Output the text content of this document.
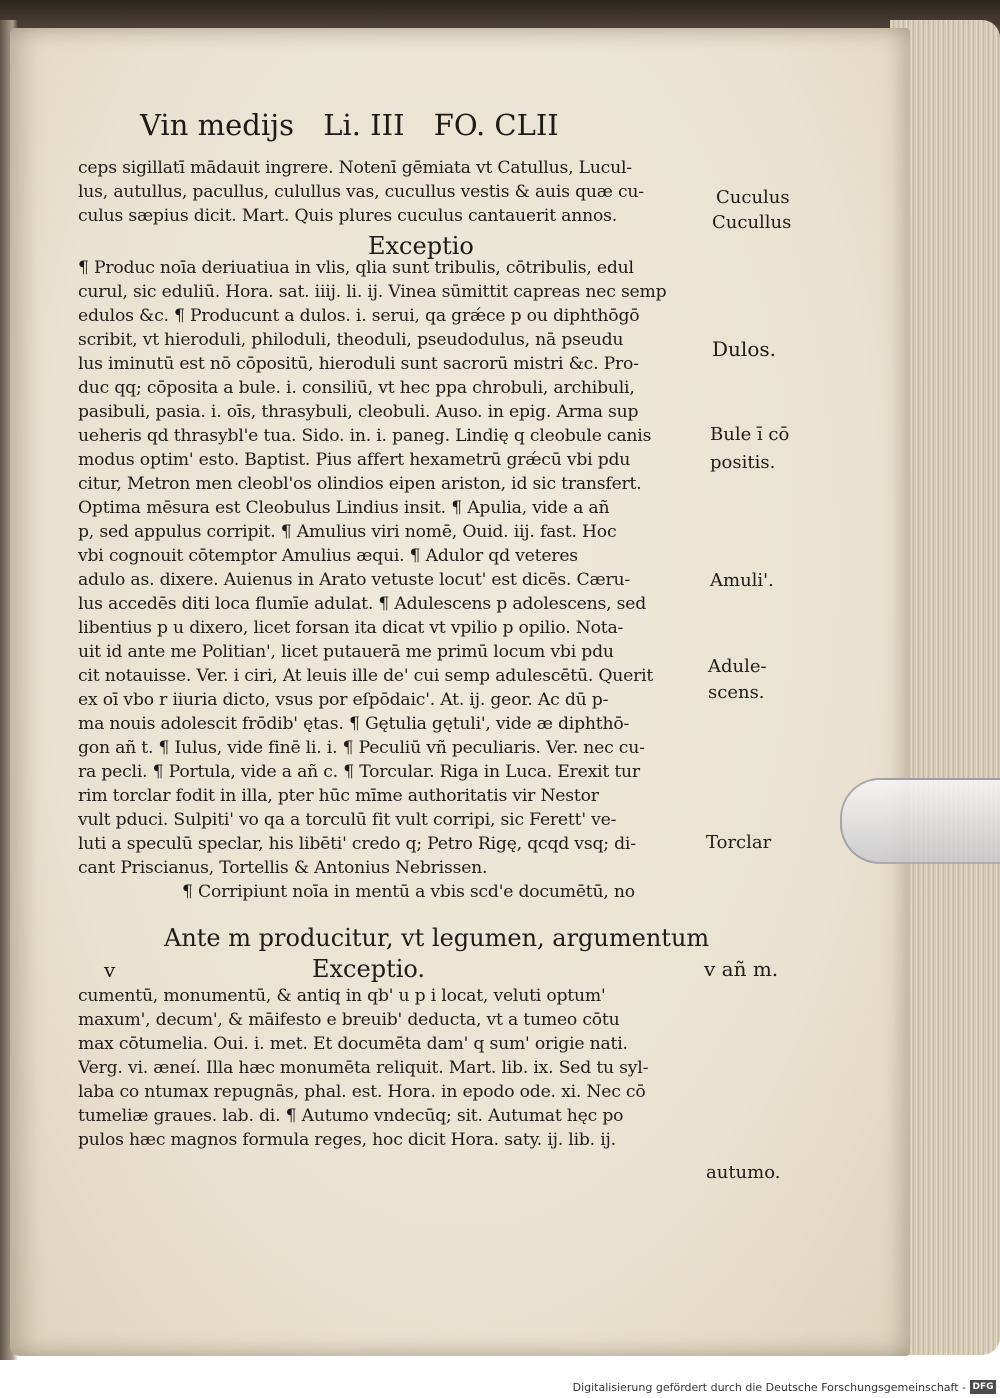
Vin medijs Li. III FO. CLII
ceps sigillatī mādauit ingrere. Notenī gēmiata vt Catullus, Lucul-
lus, autullus, pacullus, culullus vas, cucullus vestis & auis quæ cu-
culus sæpius dicit. Mart. Quis plures cuculus cantauerit annos.
¶ Produc noīa deriuatiua in vlis, qlia sunt tribulis, cōtribulis, edul
curul, sic eduliū. Hora. sat. iiij. li. ij. Vinea sūmittit capreas nec semp
edulos &c. ¶ Producunt a dulos. i. serui, qa grǽce p ou diphthōgō
scribit, vt hieroduli, philoduli, theoduli, pseudodulus, nā pseudu
lus iminutū est nō cōpositū, hieroduli sunt sacrorū mistri &c. Pro-
duc qq; cōposita a bule. i. consiliū, vt hec ppa chrobuli, archibuli,
pasibuli, pasia. i. oīs, thrasybuli, cleobuli. Auso. in epig. Arma sup
ueheris qd thrasybl'e tua. Sido. in. i. paneg. Lindię q cleobule canis
modus optim' esto. Baptist. Pius affert hexametrū grǽcū vbi pdu
citur, Metron men cleobl'os olindios eipen ariston, id sic transfert.
Optima mēsura est Cleobulus Lindius insit. ¶ Apulia, vide a añ
p, sed appulus corripit. ¶ Amulius viri nomē, Ouid. iij. fast. Hoc
vbi cognouit cōtemptor Amulius æqui. ¶ Adulor qd veteres
adulo as. dixere. Auienus in Arato vetuste locut' est dicēs. Cæru-
lus accedēs diti loca flumīe adulat. ¶ Adulescens p adolescens, sed
libentius p u dixero, licet forsan ita dicat vt vpilio p opilio. Nota-
uit id ante me Politian', licet putauerā me primū locum vbi pdu
cit notauisse. Ver. i ciri, At leuis ille de' cui semp adulescētū. Querit
ex oī vbo r iiuria dicto, vsus por eſpōdaic'. At. ij. geor. Ac dū p-
ma nouis adolescit frōdib' ętas. ¶ Gętulia gętuli', vide æ diphthō-
gon añ t. ¶ Iulus, vide finē li. i. ¶ Peculiū vñ peculiaris. Ver. nec cu-
ra pecli. ¶ Portula, vide a añ c. ¶ Torcular. Riga in Luca. Erexit tur
rim torclar fodit in illa, pter hūc mīme authoritatis vir Nestor
vult pduci. Sulpiti' vo qa a torculū fit vult corripi, sic Ferett' ve-
luti a speculū speclar, his libēti' credo q; Petro Rigę, qcqd vsq; di-
cant Priscianus, Tortellis & Antonius Nebrissen.
¶ Corripiunt noīa in mentū a vbis scd'e documētū, no
cumentū, monumentū, & antiq in qb' u p i locat, veluti optum'
maxum', decum', & māifesto e breuib' deducta, vt a tumeo cōtu
max cōtumelia. Oui. i. met. Et documēta dam' q sum' origie nati.
Verg. vi. æneí. Illa hæc monumēta reliquit. Mart. lib. ix. Sed tu syl-
laba co ntumax repugnās, phal. est. Hora. in epodo ode. xi. Nec cō
tumeliæ graues. lab. di. ¶ Autumo vndecūq; sit. Autumat hęc po
pulos hæc magnos formula reges, hoc dicit Hora. saty. ij. lib. ij.
Exceptio
Ante m producitur, vt legumen, argumentum
v	Exceptio.
Cuculus
Cucullus
Dulos.
Bule ī cō
positis.
Amuli'.
Adule-
scens.
Torclar
v añ m.
autumo.
Digitalisierung gefördert durch die Deutsche Forschungsgemeinschaft - DFG
